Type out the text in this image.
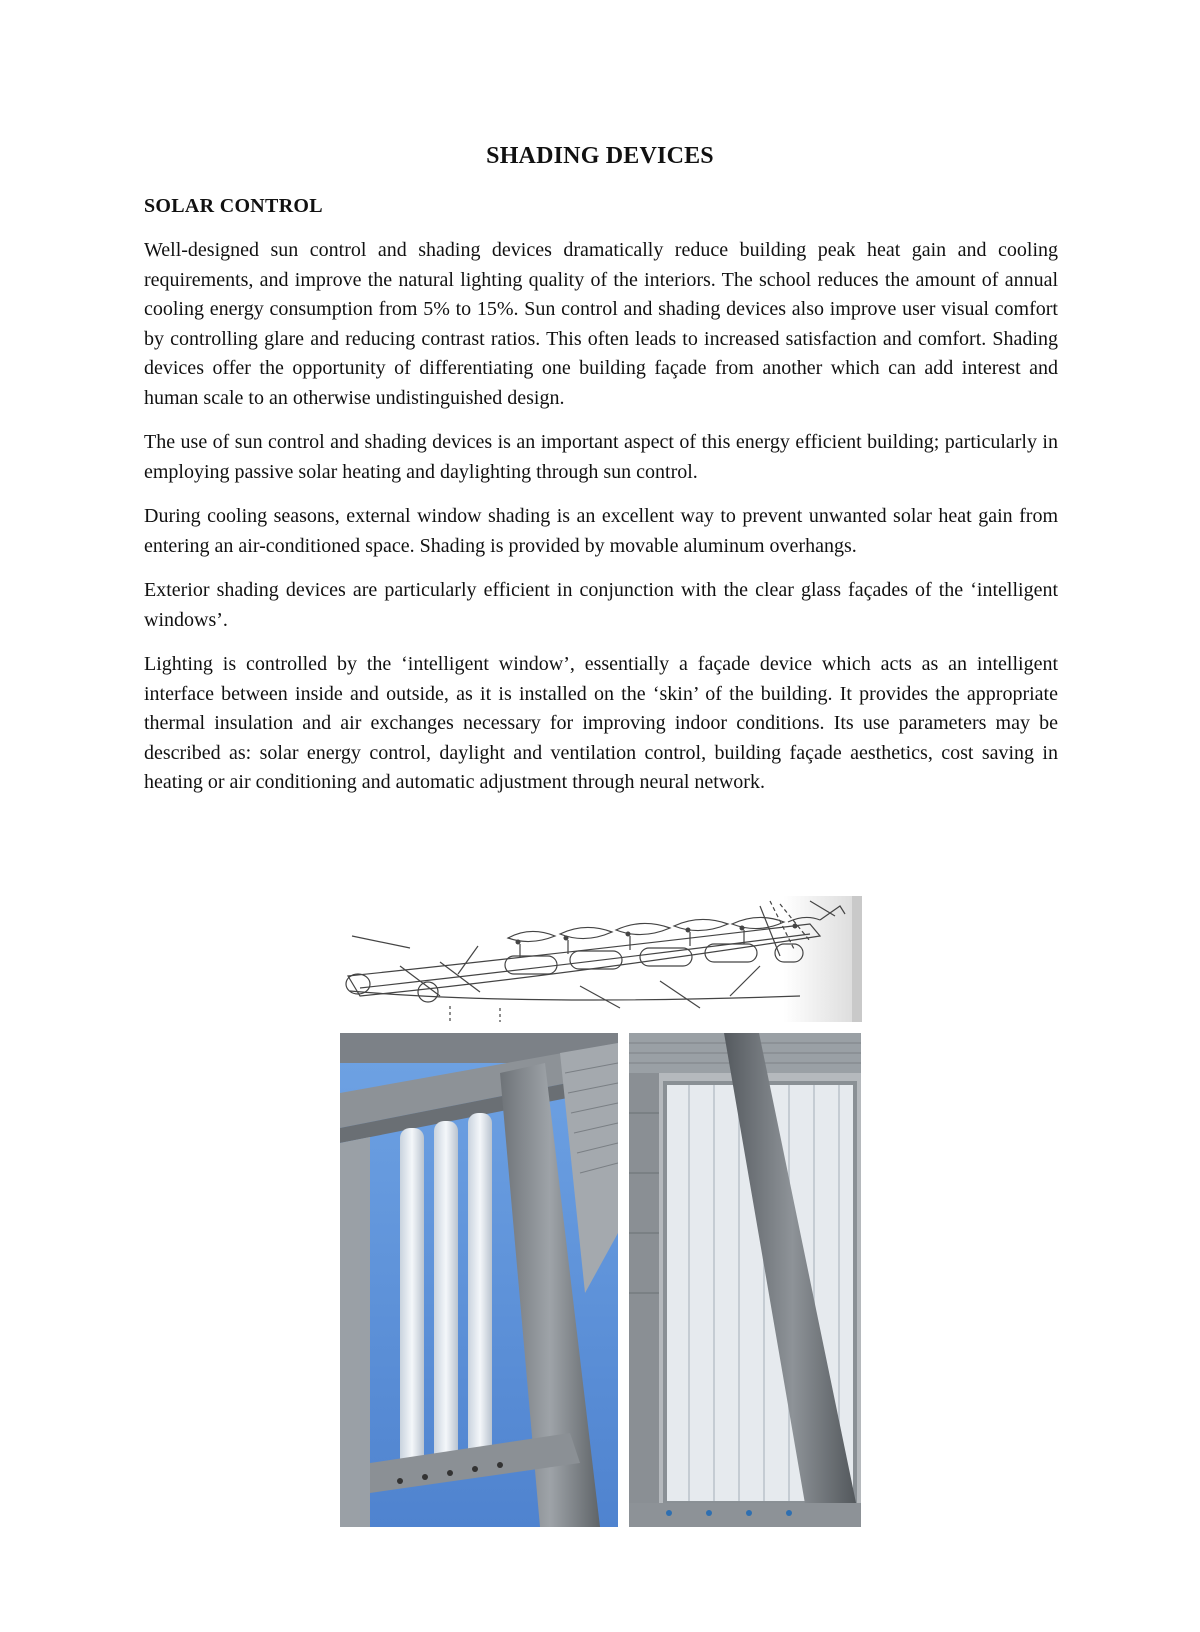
SHADING DEVICES
SOLAR CONTROL

Well-designed sun control and shading devices dramatically reduce building peak heat gain and cooling requirements, and improve the natural lighting quality of the interiors. The school reduces the amount of annual cooling energy consumption from 5% to 15%. Sun control and shading devices also improve user visual comfort by controlling glare and reducing contrast ratios. This often leads to increased satisfaction and comfort. Shading devices offer the opportunity of differentiating one building façade from another which can add interest and human scale to an otherwise undistinguished design.

The use of sun control and shading devices is an important aspect of this energy efficient building; particularly in employing passive solar heating and daylighting through sun control.

During cooling seasons, external window shading is an excellent way to prevent unwanted solar heat gain from entering an air-conditioned space. Shading is provided by movable aluminum overhangs.

Exterior shading devices are particularly efficient in conjunction with the clear glass façades of the ‘intelligent windows’.

Lighting is controlled by the ‘intelligent window’, essentially a façade device which acts as an intelligent interface between inside and outside, as it is installed on the ‘skin’ of the building. It provides the appropriate thermal insulation and air exchanges necessary for improving indoor conditions. Its use parameters may be described as: solar energy control, daylight and ventilation control, building façade aesthetics, cost saving in heating or air conditioning and automatic adjustment through neural network.
